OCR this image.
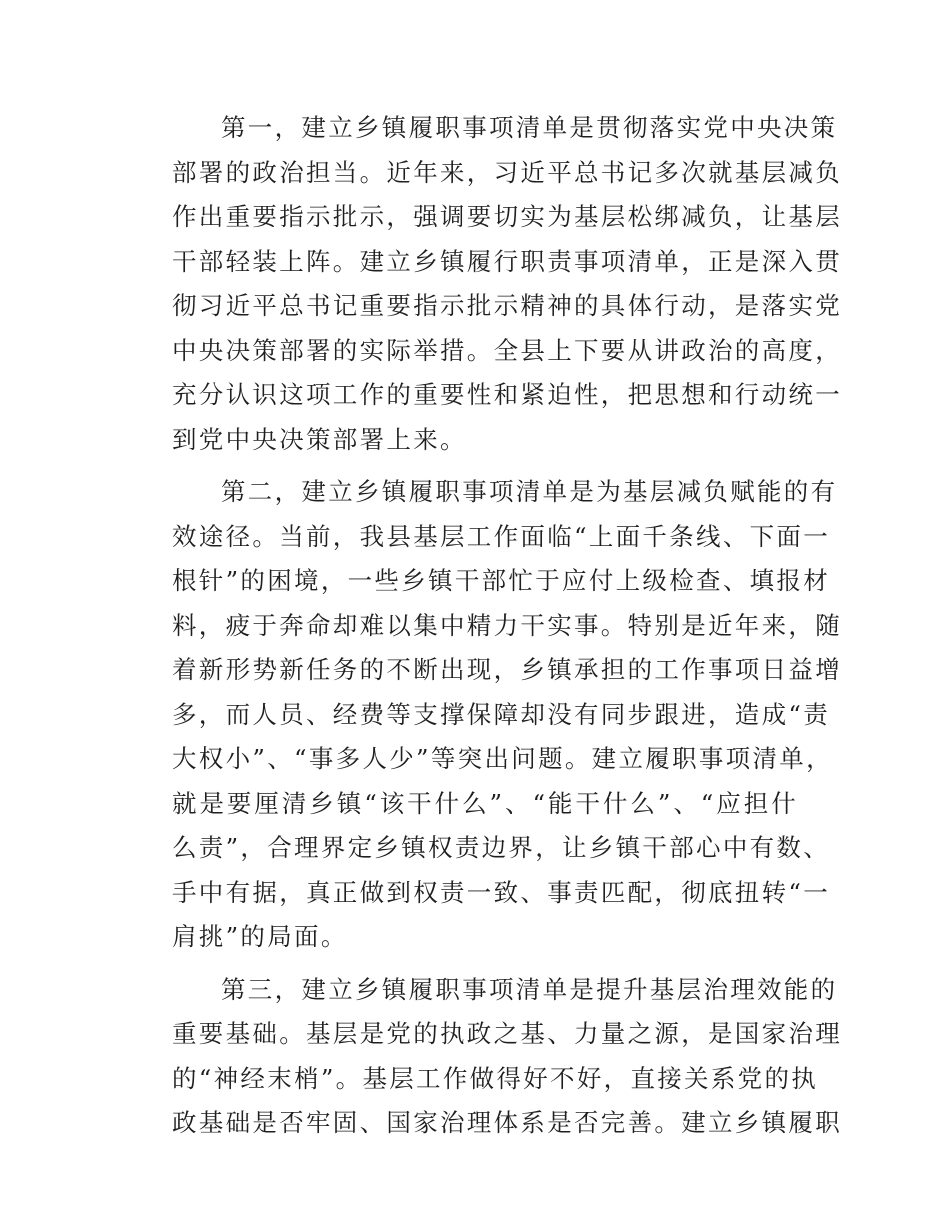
第一，建立乡镇履职事项清单是贯彻落实党中央决策
部署的政治担当。近年来，习近平总书记多次就基层减负
作出重要指示批示，强调要切实为基层松绑减负，让基层
干部轻装上阵。建立乡镇履行职责事项清单，正是深入贯
彻习近平总书记重要指示批示精神的具体行动，是落实党
中央决策部署的实际举措。全县上下要从讲政治的高度，
充分认识这项工作的重要性和紧迫性，把思想和行动统一
到党中央决策部署上来。
第二，建立乡镇履职事项清单是为基层减负赋能的有
效途径。当前，我县基层工作面临“上面千条线、下面一
根针”的困境，一些乡镇干部忙于应付上级检查、填报材
料，疲于奔命却难以集中精力干实事。特别是近年来，随
着新形势新任务的不断出现，乡镇承担的工作事项日益增
多，而人员、经费等支撑保障却没有同步跟进，造成“责
大权小”、“事多人少”等突出问题。建立履职事项清单，
就是要厘清乡镇“该干什么”、“能干什么”、“应担什
么责”，合理界定乡镇权责边界，让乡镇干部心中有数、
手中有据，真正做到权责一致、事责匹配，彻底扭转“一
肩挑”的局面。
第三，建立乡镇履职事项清单是提升基层治理效能的
重要基础。基层是党的执政之基、力量之源，是国家治理
的“神经末梢”。基层工作做得好不好，直接关系党的执
政基础是否牢固、国家治理体系是否完善。建立乡镇履职
